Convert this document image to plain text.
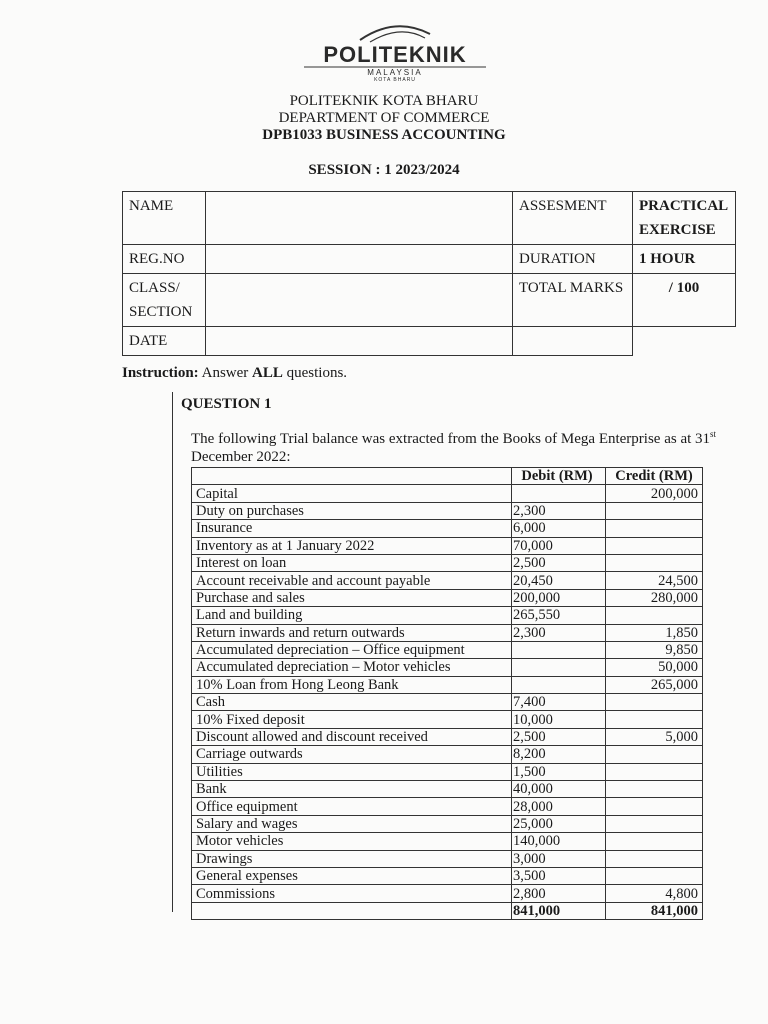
POLITEKNIK
MALAYSIA
KOTA BHARU
POLITEKNIK KOTA BHARU
DEPARTMENT OF COMMERCE
DPB1033 BUSINESS ACCOUNTING
SESSION : 1 2023/2024
NAME		ASSESMENT	PRACTICAL
EXERCISE

REG.NO		DURATION	1 HOUR

CLASS/
SECTION		TOTAL MARKS	/ 100
DATE			
Instruction: Answer ALL questions.
QUESTION 1
The following Trial balance was extracted from the Books of Mega Enterprise as at 31st
December 2022:
	Debit (RM)	Credit (RM)
Capital		200,000
Duty on purchases	2,300	
Insurance	6,000	
Inventory as at 1 January 2022	70,000	
Interest on loan	2,500	
Account receivable and account payable	20,450	24,500
Purchase and sales	200,000	280,000
Land and building	265,550	
Return inwards and return outwards	2,300	1,850
Accumulated depreciation – Office equipment		9,850
Accumulated depreciation – Motor vehicles		50,000
10% Loan from Hong Leong Bank		265,000
Cash	7,400	
10% Fixed deposit	10,000	
Discount allowed and discount received	2,500	5,000
Carriage outwards	8,200	
Utilities	1,500	
Bank	40,000	
Office equipment	28,000	
Salary and wages	25,000	
Motor vehicles	140,000	
Drawings	3,000	
General expenses	3,500	
Commissions	2,800	4,800
	841,000	841,000
